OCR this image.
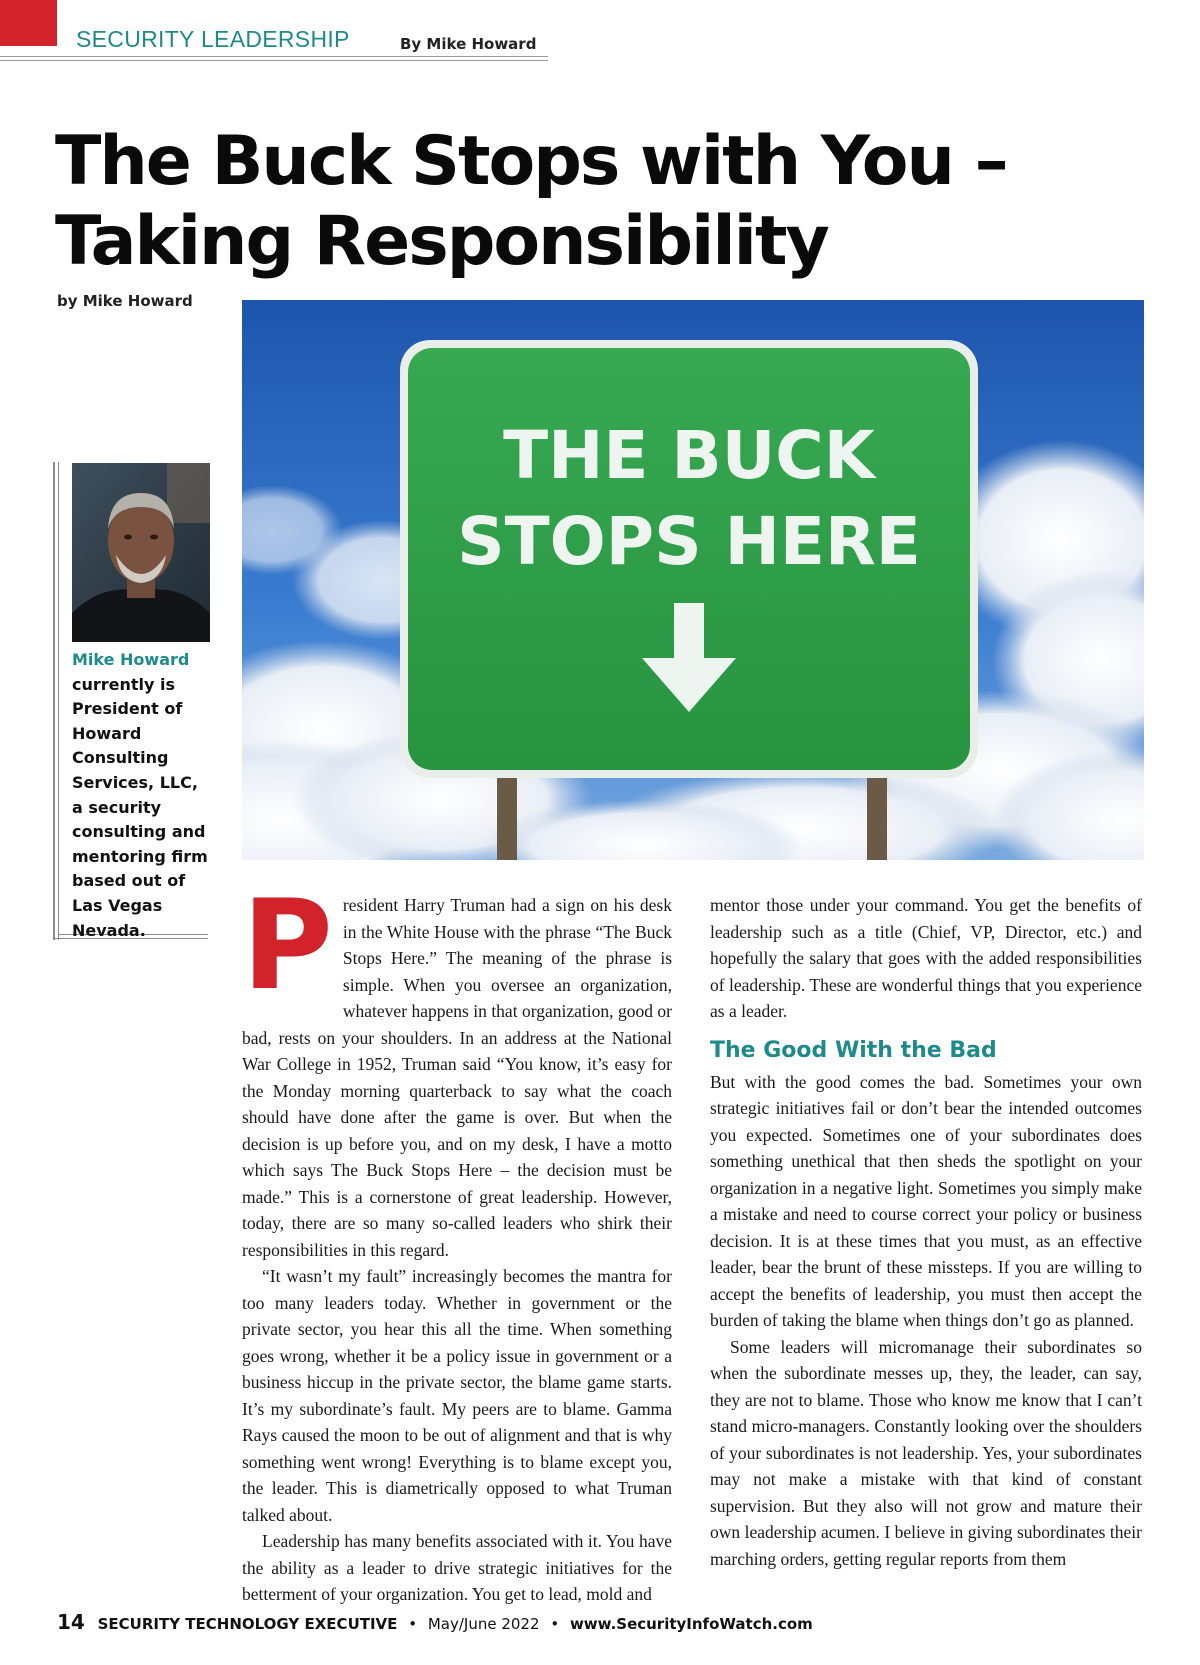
SECURITY LEADERSHIP	By Mike Howard
The Buck Stops with You –
Taking Responsibility
by Mike Howard
THE BUCK
STOPS HERE
Mike Howard
currently is President of Howard Consulting Services, LLC, a security consulting and mentoring firm based out of Las Vegas Nevada. P resident Harry Truman had a sign on his desk in the White House with the phrase “The Buck Stops Here.” The meaning of the phrase is simple. When you oversee an organization, whatever happens in that organization, good or bad, rests on your shoulders. In an address at the National War College in 1952, Truman said “You know, it’s easy for the Monday morning quarterback to say what the coach should have done after the game is over. But when the decision is up before you, and on my desk, I have a motto which says The Buck Stops Here – the decision must be made.” This is a cornerstone of great leadership. However, today, there are so many so-called leaders who shirk their responsibilities in this regard.

“It wasn’t my fault” increasingly becomes the mantra for too many leaders today. Whether in government or the private sector, you hear this all the time. When something goes wrong, whether it be a policy issue in government or a business hiccup in the private sector, the blame game starts. It’s my subordinate’s fault. My peers are to blame. Gamma Rays caused the moon to be out of alignment and that is why something went wrong! Everything is to blame except you, the leader. This is diametrically opposed to what Truman talked about.

Leadership has many benefits associated with it. You have the ability as a leader to drive strategic initiatives for the betterment of your organization. You get to lead, mold and

mentor those under your command. You get the benefits of leadership such as a title (Chief, VP, Director, etc.) and hopefully the salary that goes with the added responsibilities of leadership. These are wonderful things that you experience as a leader.

The Good With the Bad

But with the good comes the bad. Sometimes your own strategic initiatives fail or don’t bear the intended outcomes you expected. Sometimes one of your subordinates does something unethical that then sheds the spotlight on your organization in a negative light. Sometimes you simply make a mistake and need to course correct your policy or business decision. It is at these times that you must, as an effective leader, bear the brunt of these missteps. If you are willing to accept the benefits of leadership, you must then accept the burden of taking the blame when things don’t go as planned.

Some leaders will micromanage their subordinates so when the subordinate messes up, they, the leader, can say, they are not to blame. Those who know me know that I can’t stand micro-managers. Constantly looking over the shoulders of your subordinates is not leadership. Yes, your subordinates may not make a mistake with that kind of constant supervision. But they also will not grow and mature their own leadership acumen. I believe in giving subordinates their marching orders, getting regular reports from them

14 SECURITY TECHNOLOGY EXECUTIVE • May/June 2022 • www.SecurityInfoWatch.com
